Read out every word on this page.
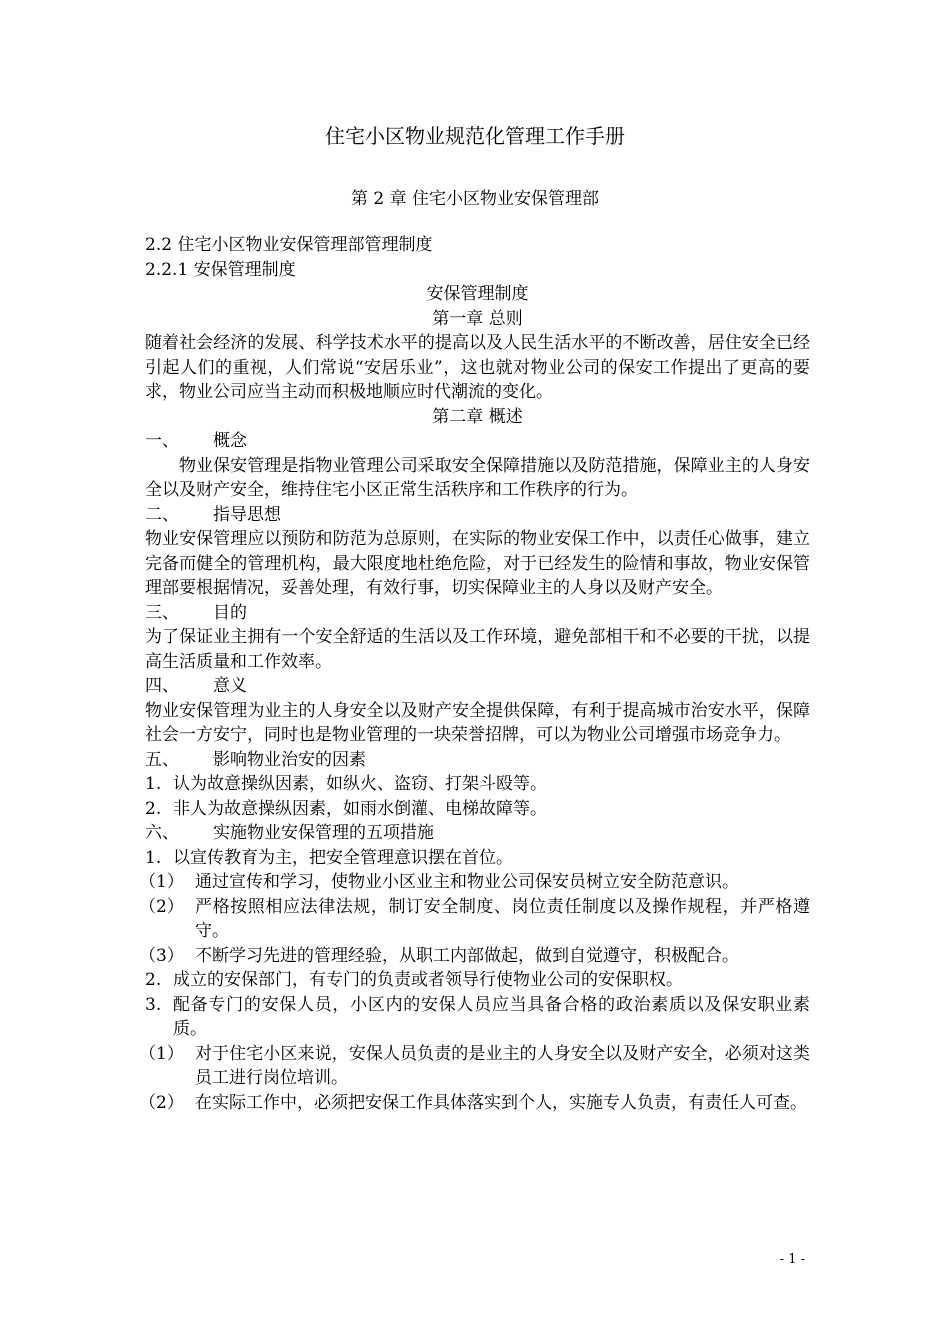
住宅小区物业规范化管理工作手册
第 2 章 住宅小区物业安保管理部
2.2 住宅小区物业安保管理部管理制度
2.2.1 安保管理制度
安保管理制度
第一章 总则
随着社会经济的发展、科学技术水平的提高以及人民生活水平的不断改善，居住安全已经引起人们的重视，人们常说“安居乐业”，这也就对物业公司的保安工作提出了更高的要求，物业公司应当主动而积极地顺应时代潮流的变化。
第二章 概述
一、 概念
物业保安管理是指物业管理公司采取安全保障措施以及防范措施，保障业主的人身安全以及财产安全，维持住宅小区正常生活秩序和工作秩序的行为。
二、 指导思想
物业安保管理应以预防和防范为总原则，在实际的物业安保工作中，以责任心做事，建立完备而健全的管理机构，最大限度地杜绝危险，对于已经发生的险情和事故，物业安保管理部要根据情况，妥善处理，有效行事，切实保障业主的人身以及财产安全。
三、 目的
为了保证业主拥有一个安全舒适的生活以及工作环境，避免部相干和不必要的干扰，以提高生活质量和工作效率。
四、 意义
物业安保管理为业主的人身安全以及财产安全提供保障，有利于提高城市治安水平，保障社会一方安宁，同时也是物业管理的一块荣誉招牌，可以为物业公司增强市场竞争力。
五、 影响物业治安的因素
1. 认为故意操纵因素，如纵火、盗窃、打架斗殴等。
2. 非人为故意操纵因素，如雨水倒灌、电梯故障等。
六、 实施物业安保管理的五项措施
1. 以宣传教育为主，把安全管理意识摆在首位。
（1） 通过宣传和学习，使物业小区业主和物业公司保安员树立安全防范意识。
（2） 严格按照相应法律法规，制订安全制度、岗位责任制度以及操作规程，并严格遵守。
（3） 不断学习先进的管理经验，从职工内部做起，做到自觉遵守，积极配合。
2. 成立的安保部门，有专门的负责或者领导行使物业公司的安保职权。
3. 配备专门的安保人员，小区内的安保人员应当具备合格的政治素质以及保安职业素质。
（1） 对于住宅小区来说，安保人员负责的是业主的人身安全以及财产安全，必须对这类员工进行岗位培训。
（2） 在实际工作中，必须把安保工作具体落实到个人，实施专人负责，有责任人可查。
- 1 -
